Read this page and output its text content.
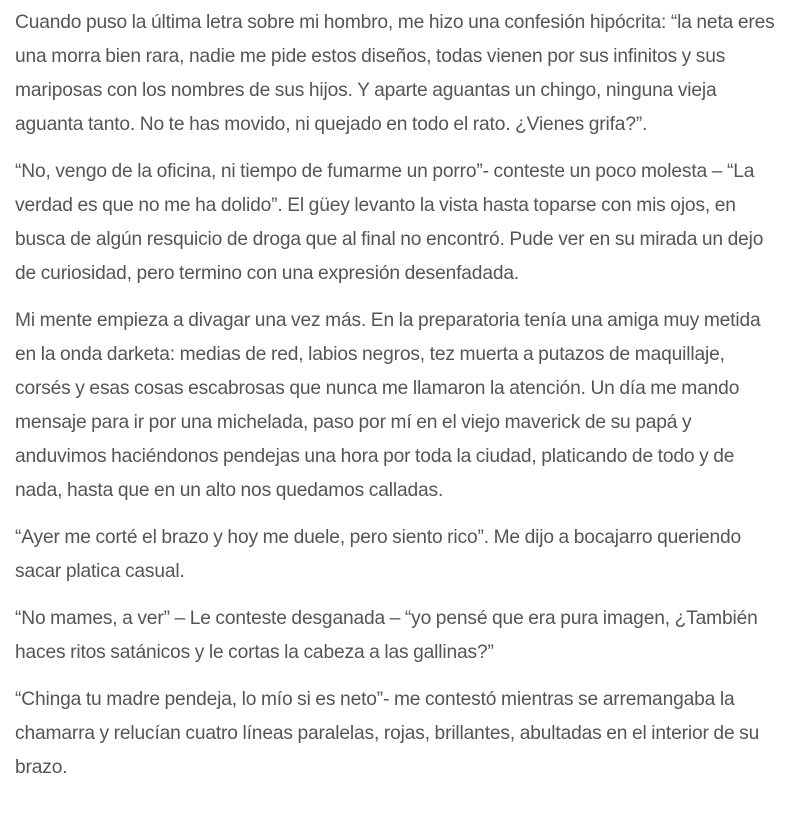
Cuando puso la última letra sobre mi hombro, me hizo una confesión hipócrita: “la neta eres una morra bien rara, nadie me pide estos diseños, todas vienen por sus infinitos y sus mariposas con los nombres de sus hijos. Y aparte aguantas un chingo, ninguna vieja aguanta tanto. No te has movido, ni quejado en todo el rato. ¿Vienes grifa?”.

“No, vengo de la oficina, ni tiempo de fumarme un porro”- conteste un poco molesta – “La verdad es que no me ha dolido”. El güey levanto la vista hasta toparse con mis ojos, en busca de algún resquicio de droga que al final no encontró. Pude ver en su mirada un dejo de curiosidad, pero termino con una expresión desenfadada.

Mi mente empieza a divagar una vez más. En la preparatoria tenía una amiga muy metida en la onda darketa: medias de red, labios negros, tez muerta a putazos de maquillaje, corsés y esas cosas escabrosas que nunca me llamaron la atención. Un día me mando mensaje para ir por una michelada, paso por mí en el viejo maverick de su papá y anduvimos haciéndonos pendejas una hora por toda la ciudad, platicando de todo y de nada, hasta que en un alto nos quedamos calladas.

“Ayer me corté el brazo y hoy me duele, pero siento rico”. Me dijo a bocajarro queriendo sacar platica casual.

“No mames, a ver” – Le conteste desganada – “yo pensé que era pura imagen, ¿También haces ritos satánicos y le cortas la cabeza a las gallinas?”

“Chinga tu madre pendeja, lo mío si es neto”- me contestó mientras se arremangaba la chamarra y relucían cuatro líneas paralelas, rojas, brillantes, abultadas en el interior de su brazo.
